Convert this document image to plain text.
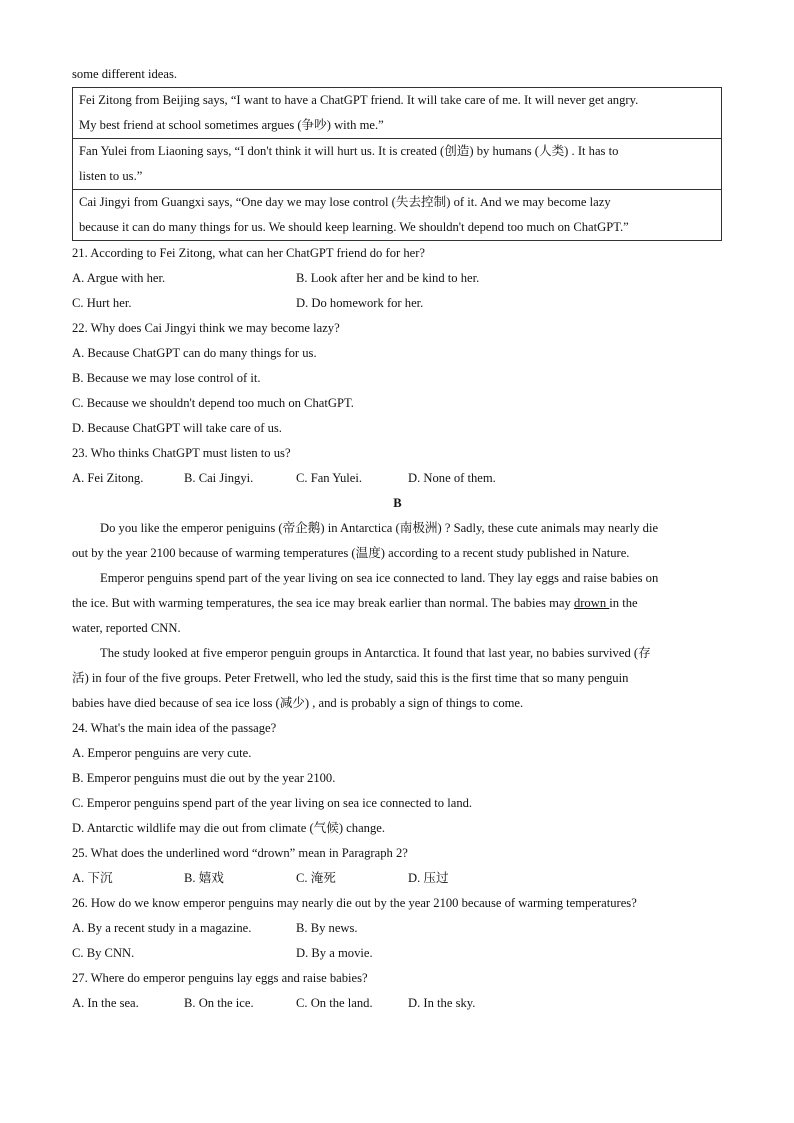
some different ideas.
Fei Zitong from Beijing says, “I want to have a ChatGPT friend. It will take care of me. It will never get angry.
My best friend at school sometimes argues (争吵) with me.”

Fan Yulei from Liaoning says, “I don't think it will hurt us. It is created (创造) by humans (人类) . It has to
listen to us.”

Cai Jingyi from Guangxi says, “One day we may lose control (失去控制) of it. And we may become lazy
because it can do many things for us. We should keep learning. We shouldn't depend too much on ChatGPT.”
21. According to Fei Zitong, what can her ChatGPT friend do for her?
A. Argue with her.	B. Look after her and be kind to her.
C. Hurt her.	D. Do homework for her.
22. Why does Cai Jingyi think we may become lazy?
A. Because ChatGPT can do many things for us.
B. Because we may lose control of it.
C. Because we shouldn't depend too much on ChatGPT.
D. Because ChatGPT will take care of us.
23. Who thinks ChatGPT must listen to us?
A. Fei Zitong.	B. Cai Jingyi.	C. Fan Yulei.	D. None of them.
B
Do you like the emperor peniguins (帝企鹅) in Antarctica (南极洲) ? Sadly, these cute animals may nearly die
out by the year 2100 because of warming temperatures (温度) according to a recent study published in Nature.
Emperor penguins spend part of the year living on sea ice connected to land. They lay eggs and raise babies on
the ice. But with warming temperatures, the sea ice may break earlier than normal. The babies may drown in the
water, reported CNN.
The study looked at five emperor penguin groups in Antarctica. It found that last year, no babies survived (存
活) in four of the five groups. Peter Fretwell, who led the study, said this is the first time that so many penguin
babies have died because of sea ice loss (减少) , and is probably a sign of things to come.
24. What's the main idea of the passage?
A. Emperor penguins are very cute.
B. Emperor penguins must die out by the year 2100.
C. Emperor penguins spend part of the year living on sea ice connected to land.
D. Antarctic wildlife may die out from climate (气候) change.
25. What does the underlined word “drown” mean in Paragraph 2?
A. 下沉	B. 嬉戏	C. 淹死	D. 压过
26. How do we know emperor penguins may nearly die out by the year 2100 because of warming temperatures?
A. By a recent study in a magazine.	B. By news.
C. By CNN.	D. By a movie.
27. Where do emperor penguins lay eggs and raise babies?
A. In the sea.	B. On the ice.	C. On the land.	D. In the sky.
